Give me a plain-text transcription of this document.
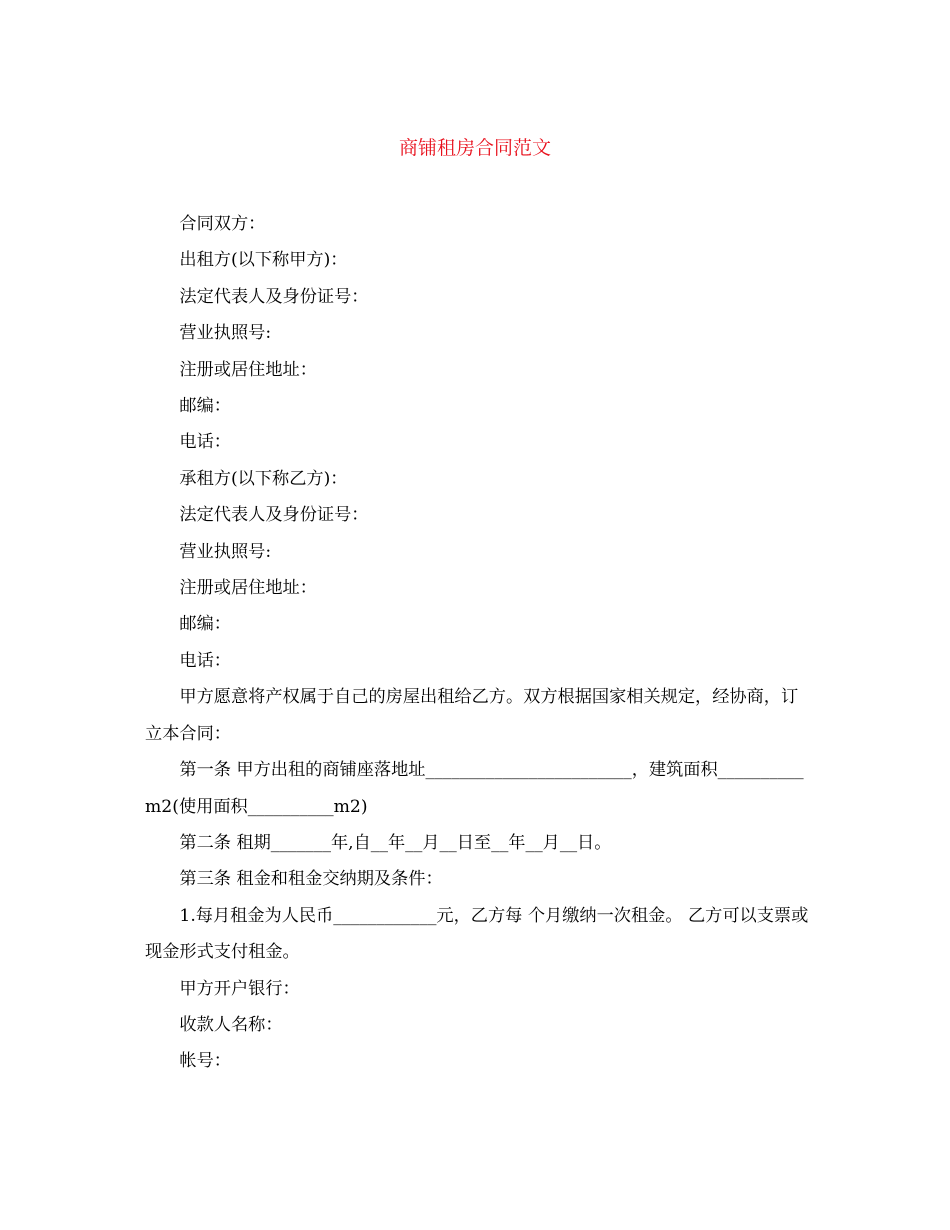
商铺租房合同范文

合同双方：

出租方(以下称甲方)：

法定代表人及身份证号：

营业执照号:

注册或居住地址：

邮编：

电话：

承租方(以下称乙方)：

法定代表人及身份证号：

营业执照号:

注册或居住地址：

邮编：

电话：

甲方愿意将产权属于自己的房屋出租给乙方。双方根据国家相关规定，经协商，订立本合同：

第一条 甲方出租的商铺座落地址________________________，建筑面积__________m2(使用面积__________m2)

第二条 租期_______年,自__年__月__日至__年__月__日。

第三条 租金和租金交纳期及条件：

1.每月租金为人民币____________元，乙方每 个月缴纳一次租金。 乙方可以支票或现金形式支付租金。

甲方开户银行：

收款人名称：

帐号：
